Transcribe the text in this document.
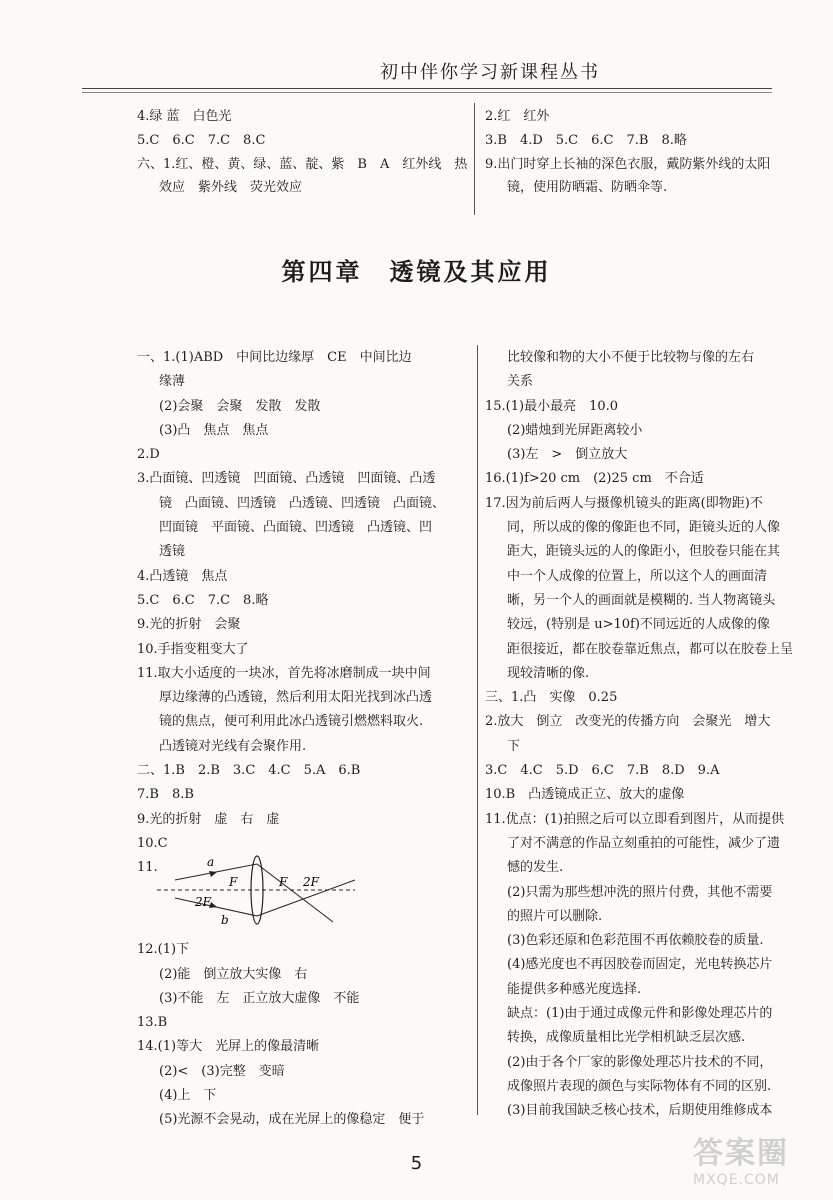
初中伴你学习新课程丛书
4.绿 蓝　白色光
5.C　6.C　7.C　8.C
六、1.红、橙、黄、绿、蓝、靛、紫　B　A　红外线　热
效应　紫外线　荧光效应
2.红　红外
3.B　4.D　5.C　6.C　7.B　8.略
9.出门时穿上长袖的深色衣服，戴防紫外线的太阳
镜，使用防晒霜、防晒伞等.
第四章　透镜及其应用
一、1.(1)ABD　中间比边缘厚　CE　中间比边
缘薄
(2)会聚　会聚　发散　发散
(3)凸　焦点　焦点
2.D
3.凸面镜、凹透镜　凹面镜、凸透镜　凹面镜、凸透
镜　凸面镜、凹透镜　凸透镜、凹透镜　凸面镜、
凹面镜　平面镜、凸面镜、凹透镜　凸透镜、凹
透镜
4.凸透镜　焦点
5.C　6.C　7.C　8.略
9.光的折射　会聚
10.手指变粗变大了
11.取大小适度的一块冰，首先将冰磨制成一块中间
厚边缘薄的凸透镜，然后利用太阳光找到冰凸透
镜的焦点，便可利用此冰凸透镜引燃燃料取火.
凸透镜对光线有会聚作用.
二、1.B　2.B　3.C　4.C　5.A　6.B
7.B　8.B
9.光的折射　虚　右　虚
10.C
11.	a
b
F	F 2F
2F
12.(1)下
(2)能　倒立放大实像　右
(3)不能　左　正立放大虚像　不能
13.B
14.(1)等大　光屏上的像最清晰
(2)<　(3)完整　变暗
(4)上　下
(5)光源不会晃动，成在光屏上的像稳定　便于
比较像和物的大小不便于比较物与像的左右
关系
15.(1)最小最亮　10.0
(2)蜡烛到光屏距离较小
(3)左　>　倒立放大
16.(1)f>20 cm　(2)25 cm　不合适
17.因为前后两人与摄像机镜头的距离(即物距)不
同，所以成的像的像距也不同，距镜头近的人像
距大，距镜头远的人的像距小，但胶卷只能在其
中一个人成像的位置上，所以这个人的画面清
晰，另一个人的画面就是模糊的. 当人物离镜头
较远，(特别是 u>10f)不同远近的人成像的像
距很接近，都在胶卷靠近焦点，都可以在胶卷上呈
现较清晰的像.
三、1.凸　实像　0.25
2.放大　倒立　改变光的传播方向　会聚光　增大
下
3.C　4.C　5.D　6.C　7.B　8.D　9.A
10.B　凸透镜成正立、放大的虚像
11.优点：(1)拍照之后可以立即看到图片，从而提供
了对不满意的作品立刻重拍的可能性，减少了遗
憾的发生.
(2)只需为那些想冲洗的照片付费，其他不需要
的照片可以删除.
(3)色彩还原和色彩范围不再依赖胶卷的质量.
(4)感光度也不再因胶卷而固定，光电转换芯片
能提供多种感光度选择.
缺点：(1)由于通过成像元件和影像处理芯片的
转换，成像质量相比光学相机缺乏层次感.
(2)由于各个厂家的影像处理芯片技术的不同，
成像照片表现的颜色与实际物体有不同的区别.
(3)目前我国缺乏核心技术，后期使用维修成本
5	答案圈
MXQE.COM
